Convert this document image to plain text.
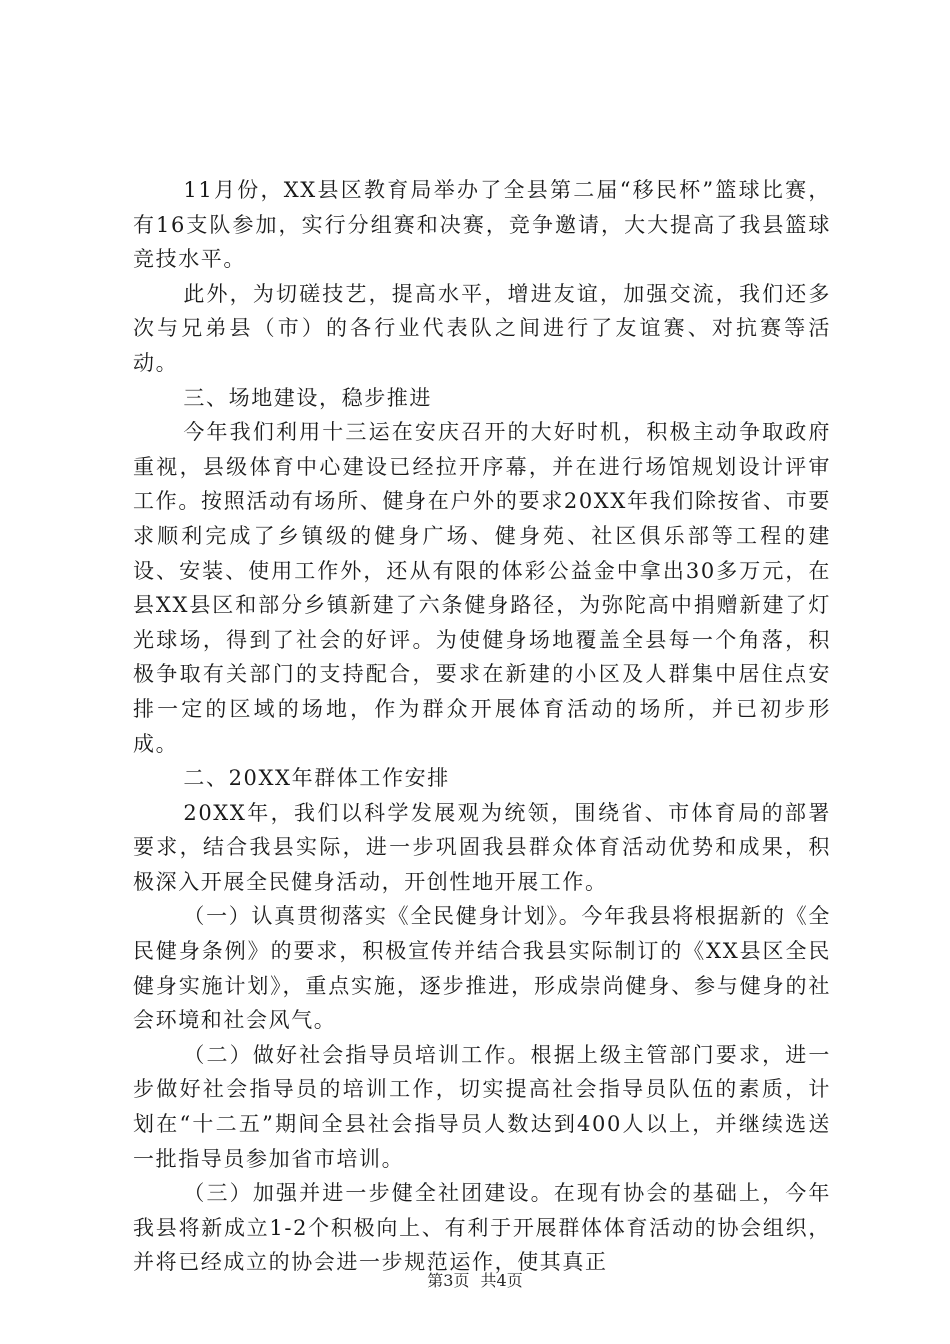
11月份，XX县区教育局举办了全县第二届“移民杯”篮球比赛，有16支队参加，实行分组赛和决赛，竞争邀请，大大提高了我县篮球竞技水平。

此外，为切磋技艺，提高水平，增进友谊，加强交流，我们还多次与兄弟县（市）的各行业代表队之间进行了友谊赛、对抗赛等活动。

三、场地建设，稳步推进

今年我们利用十三运在安庆召开的大好时机，积极主动争取政府重视，县级体育中心建设已经拉开序幕，并在进行场馆规划设计评审工作。按照活动有场所、健身在户外的要求20XX年我们除按省、市要求顺利完成了乡镇级的健身广场、健身苑、社区俱乐部等工程的建设、安装、使用工作外，还从有限的体彩公益金中拿出30多万元，在县XX县区和部分乡镇新建了六条健身路径，为弥陀高中捐赠新建了灯光球场，得到了社会的好评。为使健身场地覆盖全县每一个角落，积极争取有关部门的支持配合，要求在新建的小区及人群集中居住点安排一定的区域的场地，作为群众开展体育活动的场所，并已初步形成。

二、20XX年群体工作安排

20XX年，我们以科学发展观为统领，围绕省、市体育局的部署要求，结合我县实际，进一步巩固我县群众体育活动优势和成果，积极深入开展全民健身活动，开创性地开展工作。

（一）认真贯彻落实《全民健身计划》。今年我县将根据新的《全民健身条例》的要求，积极宣传并结合我县实际制订的《XX县区全民健身实施计划》，重点实施，逐步推进，形成崇尚健身、参与健身的社会环境和社会风气。

（二）做好社会指导员培训工作。根据上级主管部门要求，进一步做好社会指导员的培训工作，切实提高社会指导员队伍的素质，计划在“十二五”期间全县社会指导员人数达到400人以上，并继续选送一批指导员参加省市培训。

（三）加强并进一步健全社团建设。在现有协会的基础上，今年我县将新成立1-2个积极向上、有利于开展群体体育活动的协会组织，并将已经成立的协会进一步规范运作，使其真正

第3页 共4页
